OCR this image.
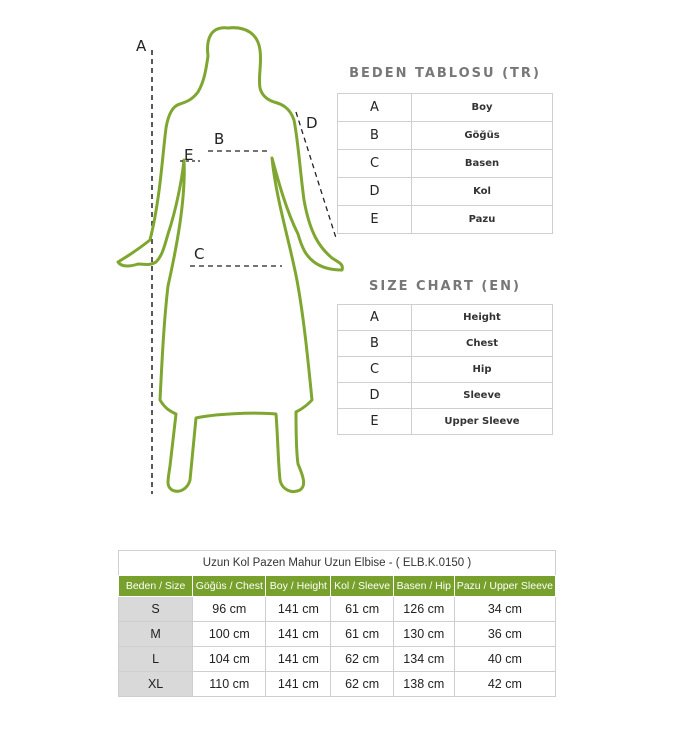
A
B
C
D
E
BEDEN TABLOSU (TR)
A	Boy
B	Göğüs
C	Basen
D	Kol
E	Pazu
SIZE CHART (EN)
A	Height
B	Chest
C	Hip
D	Sleeve
E	Upper Sleeve
Uzun Kol Pazen Mahur Uzun Elbise - ( ELB.K.0150 )
Beden / Size	Göğüs / Chest	Boy / Height	Kol / Sleeve	Basen / Hip	Pazu / Upper Sleeve
S	96 cm	141 cm	61 cm	126 cm	34 cm
M	100 cm	141 cm	61 cm	130 cm	36 cm
L	104 cm	141 cm	62 cm	134 cm	40 cm
XL	110 cm	141 cm	62 cm	138 cm	42 cm
